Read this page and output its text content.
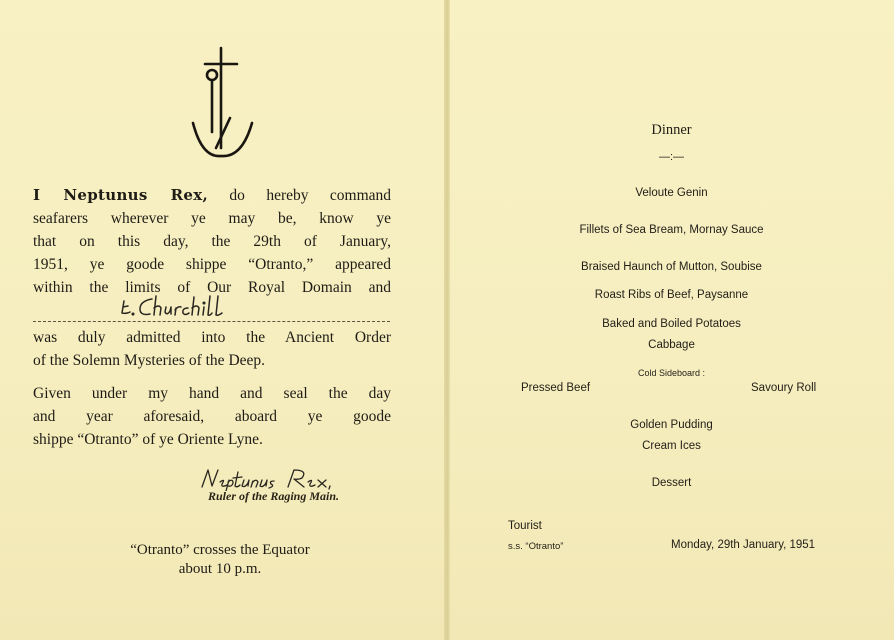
I Neptunus Rex, do hereby command
seafarers wherever ye may be, know ye
that on this day, the 29th of January,
1951, ye goode shippe “Otranto,” appeared
within the limits of Our Royal Domain and
was duly admitted into the Ancient Order
of the Solemn Mysteries of the Deep.
Given under my hand and seal the day
and year aforesaid, aboard ye goode
shippe “Otranto” of ye Oriente Lyne.
Ruler of the Raging Main.
“Otranto” crosses the Equator
about 10 p.m.
Dinner
—:—
Veloute Genin
Fillets of Sea Bream, Mornay Sauce
Braised Haunch of Mutton, Soubise
Roast Ribs of Beef, Paysanne
Baked and Boiled Potatoes
Cabbage
Cold Sideboard :
Pressed Beef	Savoury Roll
Golden Pudding
Cream Ices
Dessert
Tourist
s.s. “Otranto”	Monday, 29th January, 1951
